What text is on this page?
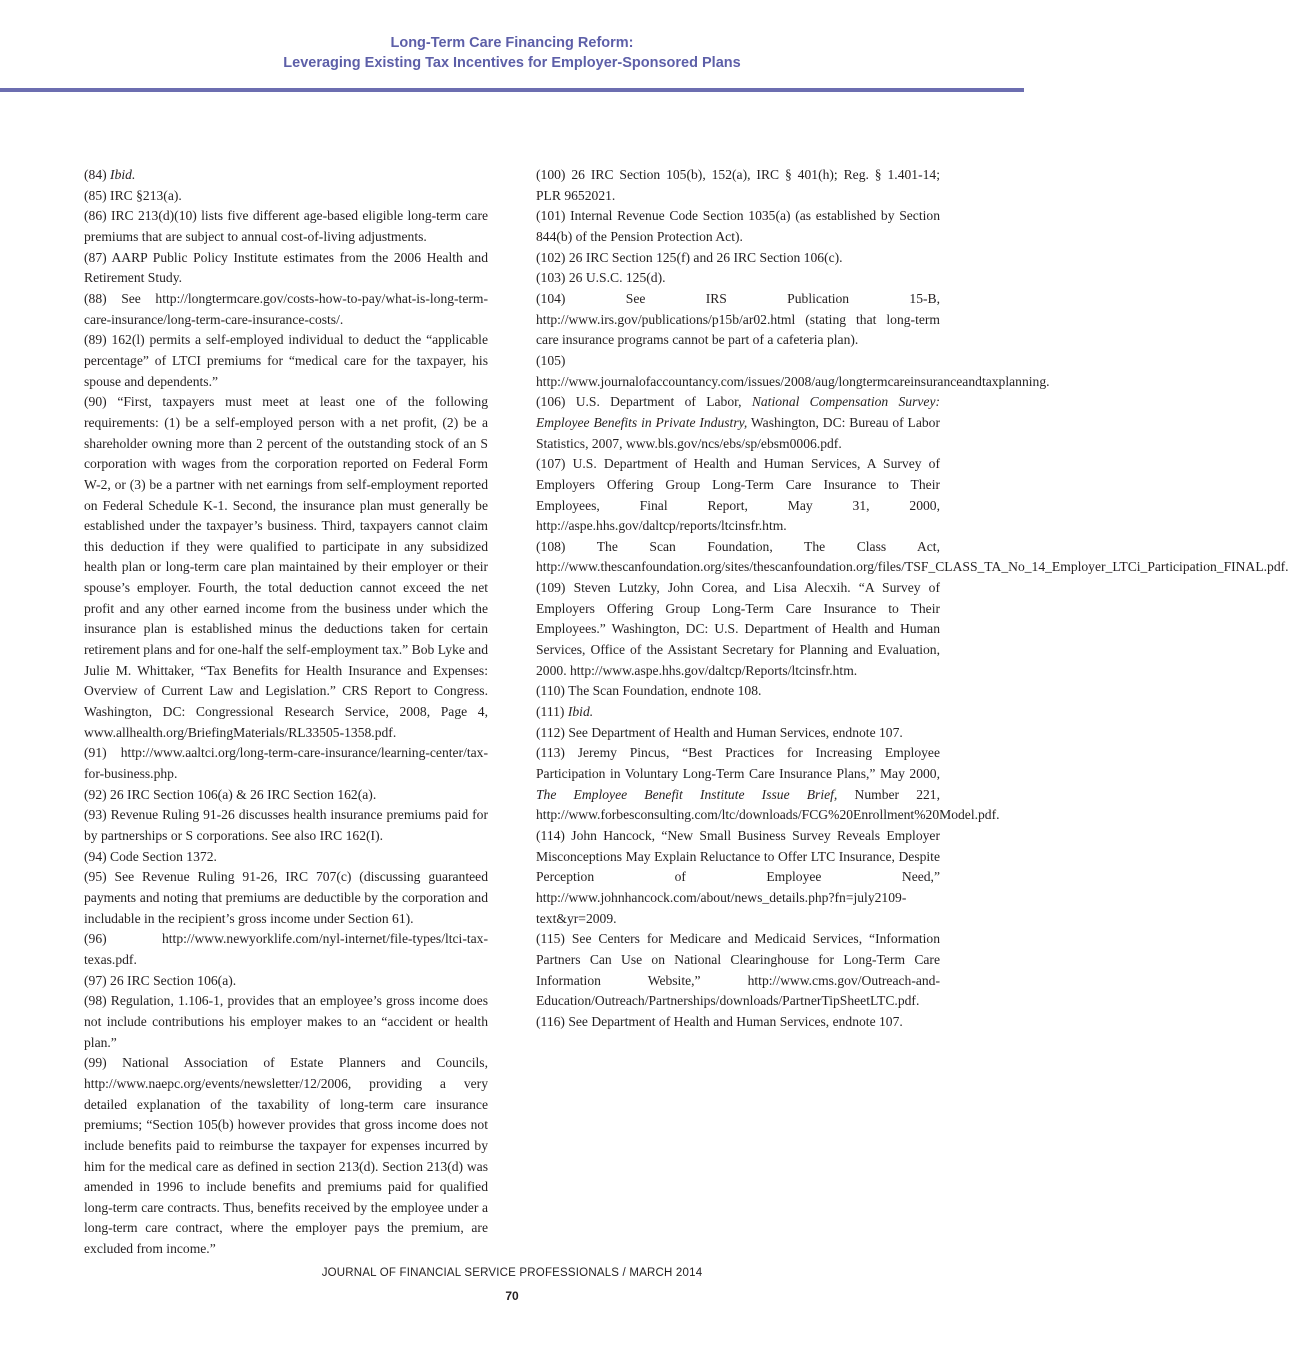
Long-Term Care Financing Reform:
Leveraging Existing Tax Incentives for Employer-Sponsored Plans

(84) Ibid.

(85) IRC §213(a).

(86) IRC 213(d)(10) lists five different age-based eligible long-term care premiums that are subject to annual cost-of-living adjustments.

(87) AARP Public Policy Institute estimates from the 2006 Health and Retirement Study.

(88) See http://longtermcare.gov/costs-how-to-pay/what-is-long-term-care-insurance/long-term-care-insurance-costs/.

(89) 162(l) permits a self-employed individual to deduct the “applicable percentage” of LTCI premiums for “medical care for the taxpayer, his spouse and dependents.”

(90) “First, taxpayers must meet at least one of the following requirements: (1) be a self-employed person with a net profit, (2) be a shareholder owning more than 2 percent of the outstanding stock of an S corporation with wages from the corporation reported on Federal Form W-2, or (3) be a partner with net earnings from self-employment reported on Federal Schedule K-1. Second, the insurance plan must generally be established under the taxpayer’s business. Third, taxpayers cannot claim this deduction if they were qualified to participate in any subsidized health plan or long-term care plan maintained by their employer or their spouse’s employer. Fourth, the total deduction cannot exceed the net profit and any other earned income from the business under which the insurance plan is established minus the deductions taken for certain retirement plans and for one-half the self-employment tax.” Bob Lyke and Julie M. Whittaker, “Tax Benefits for Health Insurance and Expenses: Overview of Current Law and Legislation.” CRS Report to Congress. Washington, DC: Congressional Research Service, 2008, Page 4, www.allhealth.org/BriefingMaterials/RL33505-1358.pdf.

(91) http://www.aaltci.org/long-term-care-insurance/learning-center/tax-for-business.php.

(92) 26 IRC Section 106(a) & 26 IRC Section 162(a).

(93) Revenue Ruling 91-26 discusses health insurance premiums paid for by partnerships or S corporations. See also IRC 162(I).

(94) Code Section 1372.

(95) See Revenue Ruling 91-26, IRC 707(c) (discussing guaranteed payments and noting that premiums are deductible by the corporation and includable in the recipient’s gross income under Section 61).

(96) http://www.newyorklife.com/nyl-internet/file-types/ltci-tax-texas.pdf.

(97) 26 IRC Section 106(a).

(98) Regulation, 1.106-1, provides that an employee’s gross income does not include contributions his employer makes to an “accident or health plan.”

(99) National Association of Estate Planners and Councils, http://www.naepc.org/events/newsletter/12/2006, providing a very detailed explanation of the taxability of long-term care insurance premiums; “Section 105(b) however provides that gross income does not include benefits paid to reimburse the taxpayer for expenses incurred by him for the medical care as defined in section 213(d). Section 213(d) was amended in 1996 to include benefits and premiums paid for qualified long-term care contracts. Thus, benefits received by the employee under a long-term care contract, where the employer pays the premium, are excluded from income.”

(100) 26 IRC Section 105(b), 152(a), IRC § 401(h); Reg. § 1.401-14; PLR 9652021.

(101) Internal Revenue Code Section 1035(a) (as established by Section 844(b) of the Pension Protection Act).

(102) 26 IRC Section 125(f) and 26 IRC Section 106(c).

(103) 26 U.S.C. 125(d).

(104) See IRS Publication 15-B, http://www.irs.gov/publications/p15b/ar02.html (stating that long-term care insurance programs cannot be part of a cafeteria plan).

(105) http://www.journalofaccountancy.com/issues/2008/aug/longtermcareinsuranceandtaxplanning.

(106) U.S. Department of Labor, National Compensation Survey: Employee Benefits in Private Industry, Washington, DC: Bureau of Labor Statistics, 2007, www.bls.gov/ncs/ebs/sp/ebsm0006.pdf.

(107) U.S. Department of Health and Human Services, A Survey of Employers Offering Group Long-Term Care Insurance to Their Employees, Final Report, May 31, 2000, http://aspe.hhs.gov/daltcp/reports/ltcinsfr.htm.

(108) The Scan Foundation, The Class Act, http://www.thescanfoundation.org/sites/thescanfoundation.org/files/TSF_CLASS_TA_No_14_Employer_LTCi_Participation_FINAL.pdf.

(109) Steven Lutzky, John Corea, and Lisa Alecxih. “A Survey of Employers Offering Group Long-Term Care Insurance to Their Employees.” Washington, DC: U.S. Department of Health and Human Services, Office of the Assistant Secretary for Planning and Evaluation, 2000. http://www.aspe.hhs.gov/daltcp/Reports/ltcinsfr.htm.

(110) The Scan Foundation, endnote 108.

(111) Ibid.

(112) See Department of Health and Human Services, endnote 107.

(113) Jeremy Pincus, “Best Practices for Increasing Employee Participation in Voluntary Long-Term Care Insurance Plans,” May 2000, The Employee Benefit Institute Issue Brief, Number 221, http://www.forbesconsulting.com/ltc/downloads/FCG%20Enrollment%20Model.pdf.

(114) John Hancock, “New Small Business Survey Reveals Employer Misconceptions May Explain Reluctance to Offer LTC Insurance, Despite Perception of Employee Need,” http://www.johnhancock.com/about/news_details.php?fn=july2109-text&yr=2009.

(115) See Centers for Medicare and Medicaid Services, “Information Partners Can Use on National Clearinghouse for Long-Term Care Information Website,” http://www.cms.gov/Outreach-and-Education/Outreach/Partnerships/downloads/PartnerTipSheetLTC.pdf.

(116) See Department of Health and Human Services, endnote 107.

JOURNAL OF FINANCIAL SERVICE PROFESSIONALS / MARCH 2014
70
